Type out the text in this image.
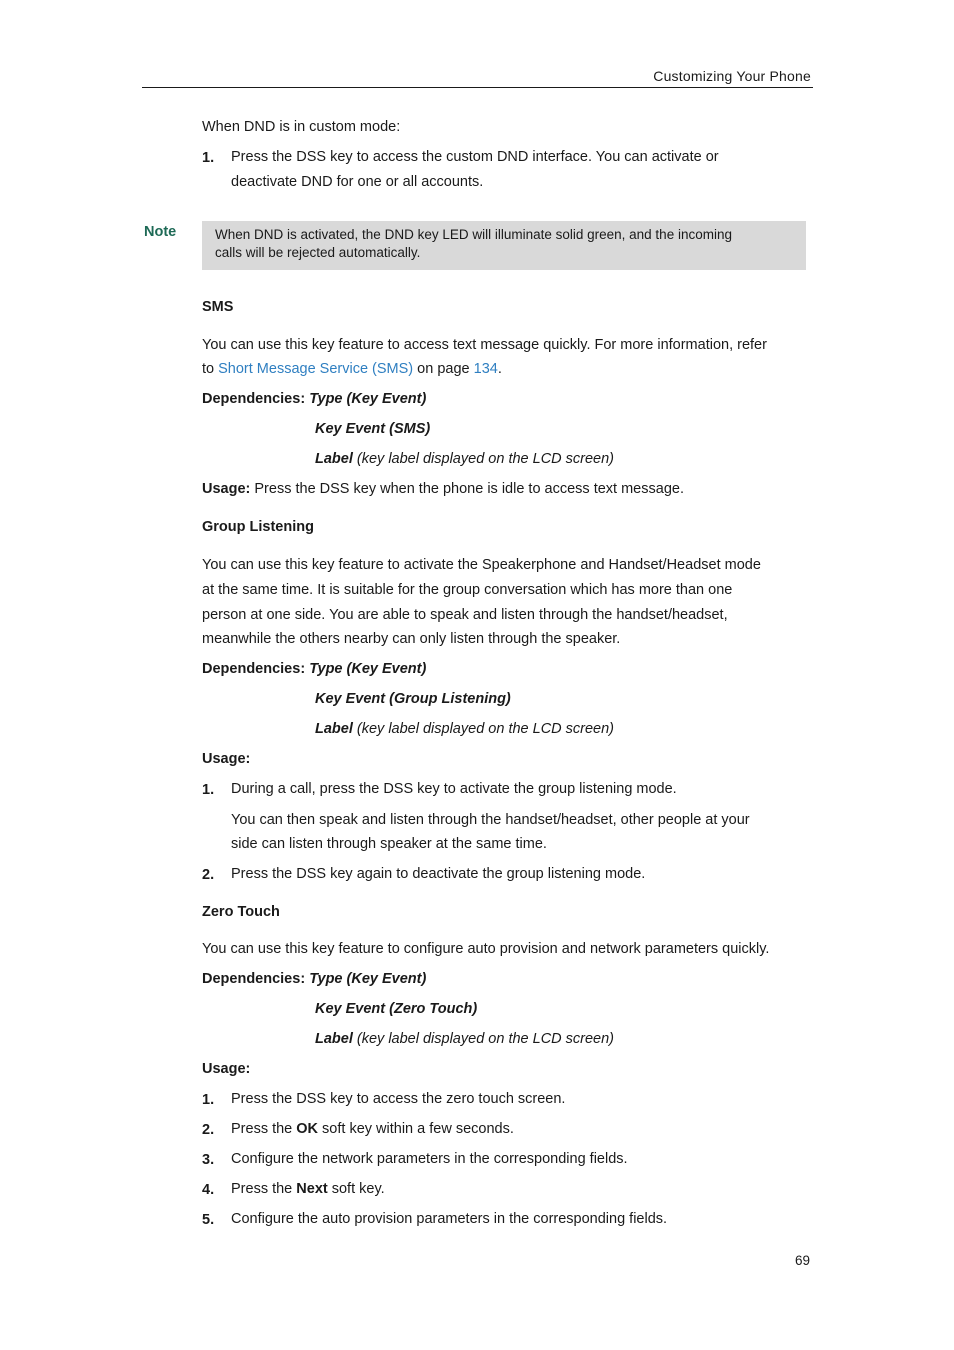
Customizing Your Phone
When DND is in custom mode:
1. Press the DSS key to access the custom DND interface. You can activate or
deactivate DND for one or all accounts.
Note	When DND is activated, the DND key LED will illuminate solid green, and the incoming
calls will be rejected automatically.
SMS
You can use this key feature to access text message quickly. For more information, refer
to Short Message Service (SMS) on page 134.
Dependencies: Type (Key Event)
Key Event (SMS)
Label (key label displayed on the LCD screen)
Usage: Press the DSS key when the phone is idle to access text message.
Group Listening
You can use this key feature to activate the Speakerphone and Handset/Headset mode
at the same time. It is suitable for the group conversation which has more than one
person at one side. You are able to speak and listen through the handset/headset,
meanwhile the others nearby can only listen through the speaker.
Dependencies: Type (Key Event)
Key Event (Group Listening)
Label (key label displayed on the LCD screen)
Usage:
1. During a call, press the DSS key to activate the group listening mode.
You can then speak and listen through the handset/headset, other people at your
side can listen through speaker at the same time.
2. Press the DSS key again to deactivate the group listening mode.
Zero Touch
You can use this key feature to configure auto provision and network parameters quickly.
Dependencies: Type (Key Event)
Key Event (Zero Touch)
Label (key label displayed on the LCD screen)
Usage:
1. Press the DSS key to access the zero touch screen.
2. Press the OK soft key within a few seconds.
3. Configure the network parameters in the corresponding fields.
4. Press the Next soft key.
5. Configure the auto provision parameters in the corresponding fields.
69
